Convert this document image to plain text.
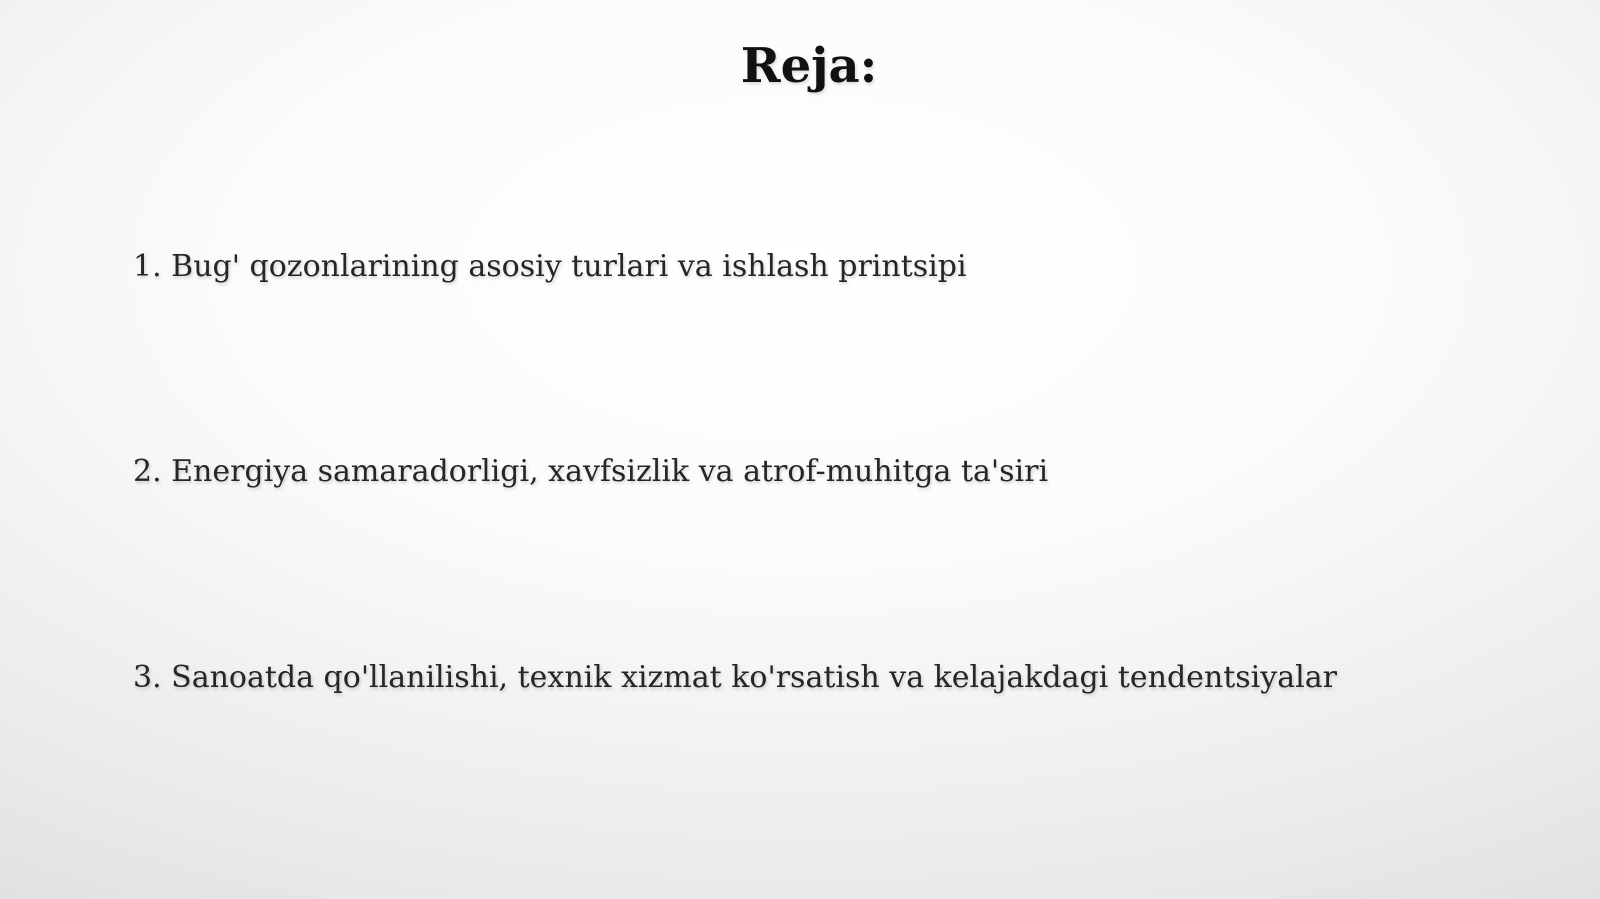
Reja:
1. Bug' qozonlarining asosiy turlari va ishlash printsipi
2. Energiya samaradorligi, xavfsizlik va atrof-muhitga ta'siri
3. Sanoatda qo'llanilishi, texnik xizmat ko'rsatish va kelajakdagi tendentsiyalar
